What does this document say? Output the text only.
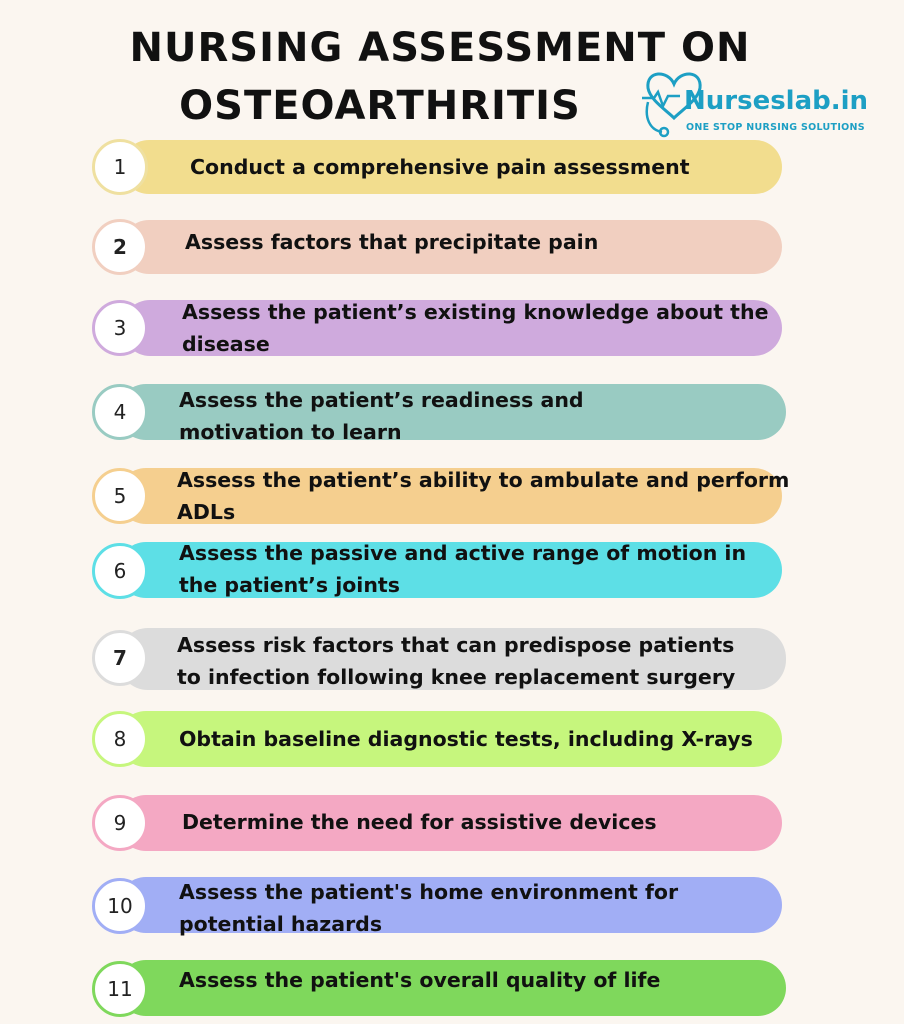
NURSING ASSESSMENT ON
OSTEOARTHRITIS	Nurseslab.in
ONE STOP NURSING SOLUTIONS
1	Conduct a comprehensive pain assessment
2	Assess factors that precipitate pain
3
Assess the patient’s existing knowledge about the disease
4	Assess the patient’s readiness and motivation to learn
5
Assess the patient’s ability to ambulate and perform ADLs
6
Assess the passive and active range of motion in the patient’s joints
7
Assess risk factors that can predispose patients to infection following knee replacement surgery
8	Obtain baseline diagnostic tests, including X-rays
9	Determine the need for assistive devices
10
Assess the patient's home environment for potential hazards
11	Assess the patient's overall quality of life
